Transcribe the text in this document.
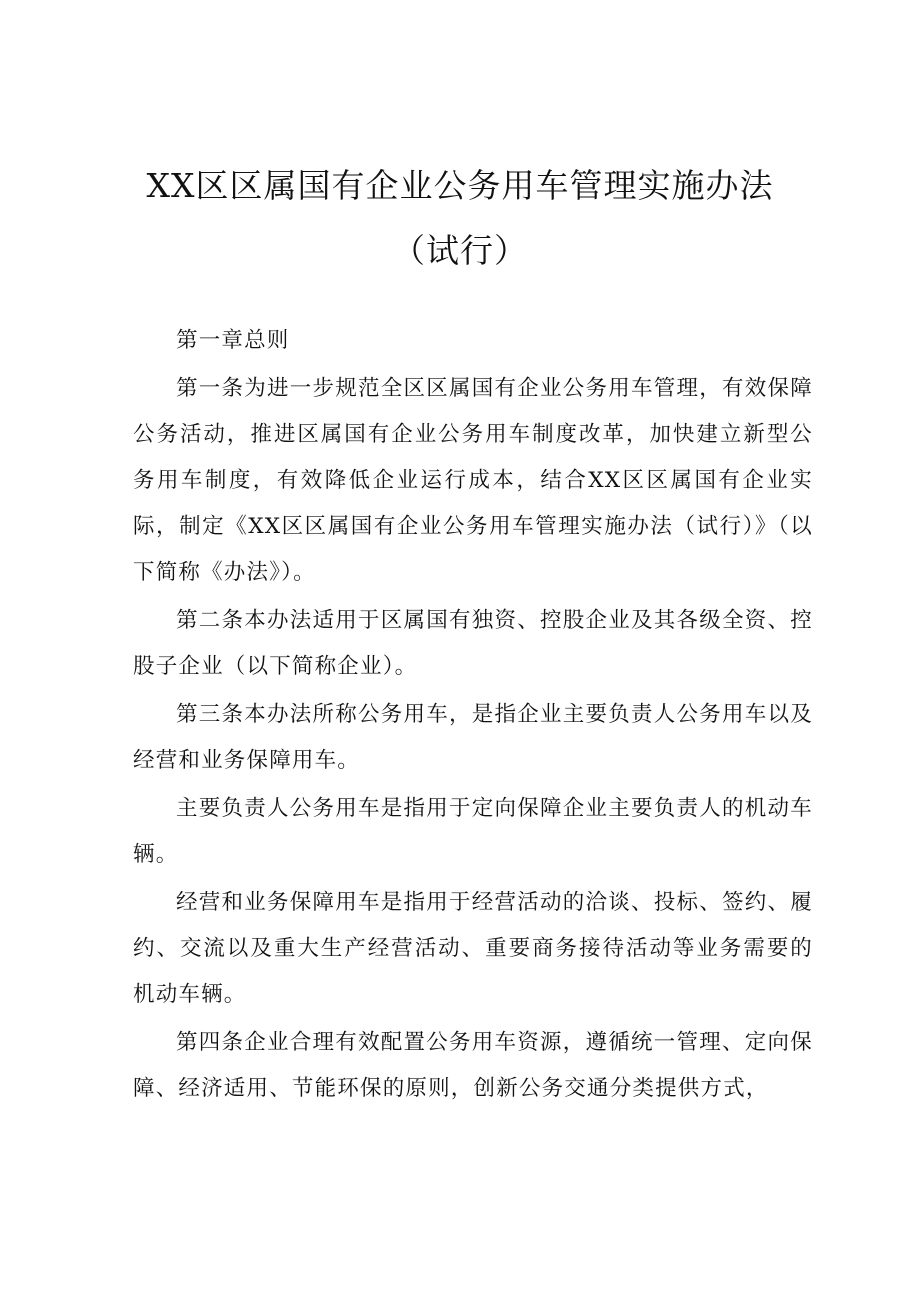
XX区区属国有企业公务用车管理实施办法
（试行）

第一章总则

第一条为进一步规范全区区属国有企业公务用车管理，有效保障公务活动，推进区属国有企业公务用车制度改革，加快建立新型公务用车制度，有效降低企业运行成本，结合XX区区属国有企业实际，制定《XX区区属国有企业公务用车管理实施办法（试行）》（以下简称《办法》）。

第二条本办法适用于区属国有独资、控股企业及其各级全资、控股子企业（以下简称企业）。

第三条本办法所称公务用车，是指企业主要负责人公务用车以及经营和业务保障用车。

主要负责人公务用车是指用于定向保障企业主要负责人的机动车辆。

经营和业务保障用车是指用于经营活动的洽谈、投标、签约、履约、交流以及重大生产经营活动、重要商务接待活动等业务需要的机动车辆。

第四条企业合理有效配置公务用车资源，遵循统一管理、定向保障、经济适用、节能环保的原则，创新公务交通分类提供方式，
